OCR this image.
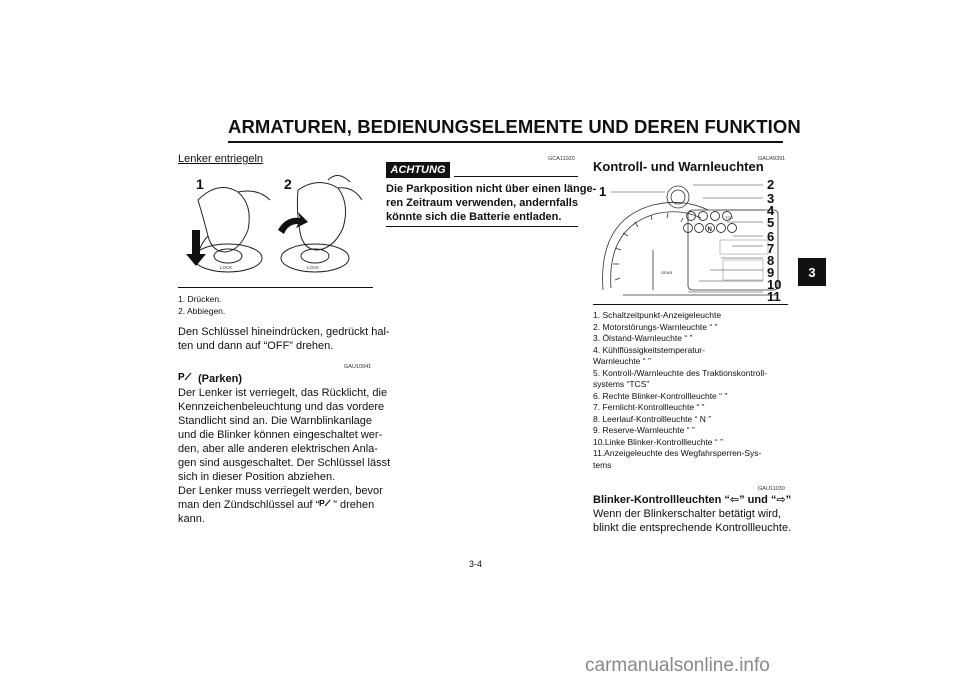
ARMATUREN, BEDIENUNGSELEMENTE UND DEREN FUNKTION
3
Lenker entriegeln
LOCK	LOCK
1	2
1. Drücken.
2. Abbiegen.
Den Schlüssel hineindrücken, gedrückt hal-
ten und dann auf “OFF” drehen.
GAU10941
P (Parken)
Der Lenker ist verriegelt, das Rücklicht, die
Kennzeichenbeleuchtung und das vordere
Standlicht sind an. Die Warnblinkanlage
und die Blinker können eingeschaltet wer-
den, aber alle anderen elektrischen Anla-
gen sind ausgeschaltet. Der Schlüssel lässt
sich in dieser Position abziehen.
Der Lenker muss verriegelt werden, bevor
man den Zündschlüssel auf “ P ” drehen
kann.
GCA11020
ACHTUNG
Die Parkposition nicht über einen länge-
ren Zeitraum verwenden, andernfalls
könnte sich die Batterie entladen.
GAU49391
Kontroll- und Warnleuchten
TCS
N
GEAR
1	2
3
4
5
6
7
8
9
10
11
1. Schaltzeitpunkt-Anzeigeleuchte
2. Motorstörungs-Warnleuchte “ ”
3. Ölstand-Warnleuchte “ ”
4. Kühlflüssigkeitstemperatur-
Warnleuchte “ ”
5. Kontroll-/Warnleuchte des Traktionskontroll-
systems “TCS”
6. Rechte Blinker-Kontrollleuchte “ ”
7. Fernlicht-Kontrollleuchte “ ”
8. Leerlauf-Kontrollleuchte “ N ”
9. Reserve-Warnleuchte “ ”
10.Linke Blinker-Kontrollleuchte “ ”
11.Anzeigeleuchte des Wegfahrsperren-Sys-
tems
GAU11030
Blinker-Kontrollleuchten “⇦” und “⇨”
Wenn der Blinkerschalter betätigt wird,
blinkt die entsprechende Kontrollleuchte.
3-4
carmanualsonline.info
